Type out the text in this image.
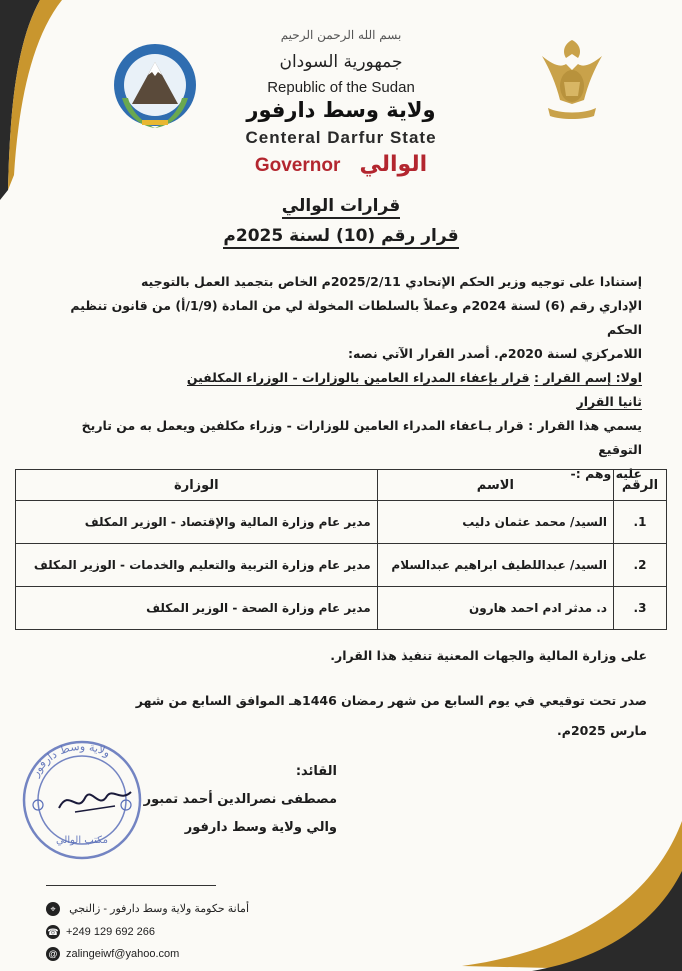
بسم الله الرحمن الرحيم
جمهورية السودان
Republic of the Sudan
ولاية وسط دارفور
Centeral Darfur State
Governor الوالي
قرارات الوالي
قرار رقم (10) لسنة 2025م

إستنادا على توجيه وزير الحكم الإتحادي 2025/2/11م الخاص بتجميد العمل بالتوجيه

الإداري رقم (6) لسنة 2024م وعملاً بالسلطات المخولة لي من المادة (1/9/أ) من قانون تنظيم الحكم

اللامركزي لسنة 2020م. أصدر القرار الآتي نصه:

اولا: إسم القرار : قرار بإعفاء المدراء العامين بالوزارات - الوزراء المكلفين

ثانيا القرار

يسمي هذا القرار : قرار بـاعفاء المدراء العامين للوزارات - وزراء مكلفين ويعمل به من تاريخ التوقيع

عليه وهم :-

الرقم	الاسم	الوزارة
1.	السيد/ محمد عثمان دليب	مدير عام وزارة المالية والإقتصاد - الوزير المكلف
2.	السيد/ عبداللطيف ابراهيم عبدالسلام	مدير عام وزارة التربية والتعليم والخدمات - الوزير المكلف
3.	د. مدثر ادم احمد هارون	مدير عام وزارة الصحة - الوزير المكلف
على وزارة المالية والجهات المعنية تنفيذ هذا القرار.
صدر تحت توقيعي في يوم السابع من شهر رمضان 1446هـ الموافق السابع من شهر
مارس 2025م.
القائد:
مصطفى نصرالدين أحمد تمبور
والي ولاية وسط دارفور
ولاية وسط دارفور
مكتب الوالي
أمانة حكومة ولاية وسط دارفور - زالنجي ⌖
☎ +249 129 692 266
@ zalingeiwf@yahoo.com
